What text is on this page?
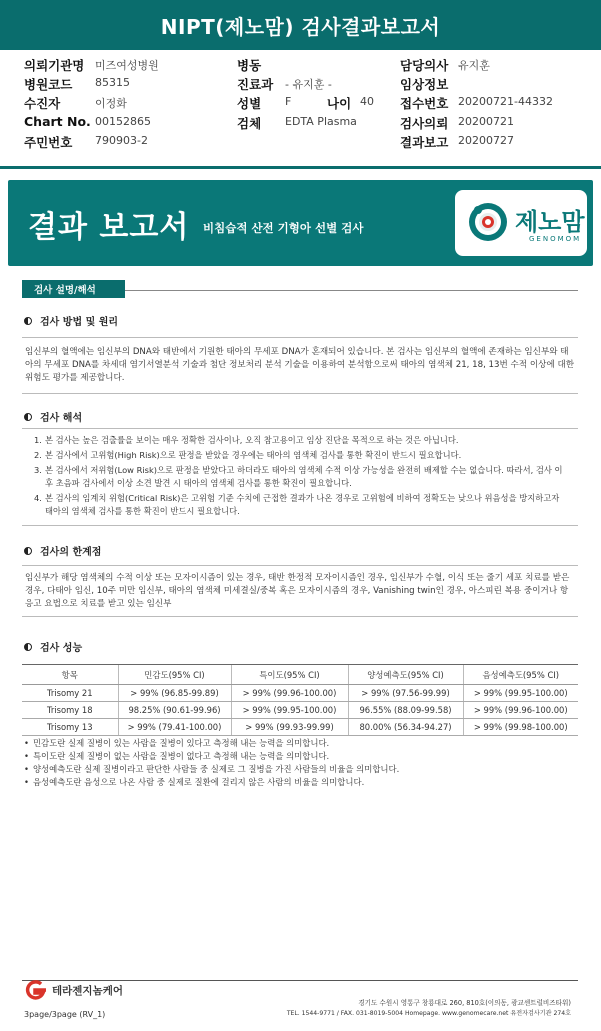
NIPT(제노맘) 검사결과보고서
의뢰기관명 미즈여성병원
병원코드 85315
수진자	이정화
Chart No. 00152865
주민번호 790903-2
병동
진료과 - 유지훈 -
성별 F	나이 40
검체 EDTA Plasma
담당의사 유지훈
임상정보
접수번호 20200721-44332
검사의뢰 20200721
결과보고 20200727
결과 보고서 비침습적 산전 기형아 선별 검사	제노맘
GENOMOM
검사 설명/해석
검사 방법 및 원리
임신부의 혈액에는 임신부의 DNA와 태반에서 기원한 태아의 무세포 DNA가 혼재되어 있습니다. 본 검사는 임신부의 혈액에 존재하는 임신부와 태아의 무세포 DNA를 차세대 염기서열분석 기술과 첨단 정보처리 분석 기술을 이용하여 분석함으로써 태아의 염색체 21, 18, 13번 수적 이상에 대한 위험도 평가를 제공합니다.
검사 해석
1. 본 검사는 높은 검출률을 보이는 매우 정확한 검사이나, 오직 참고용이고 임상 진단을 목적으로 하는 것은 아닙니다.
2. 본 검사에서 고위험(High Risk)으로 판정을 받았을 경우에는 태아의 염색체 검사를 통한 확진이 반드시 필요합니다.
3. 본 검사에서 저위험(Low Risk)으로 판정을 받았다고 하더라도 태아의 염색체 수적 이상 가능성을 완전히 배제할 수는 없습니다. 따라서, 검사 이후 초음파 검사에서 이상 소견 발견 시 태아의 염색체 검사를 통한 확진이 필요합니다.
4. 본 검사의 임계치 위험(Critical Risk)은 고위험 기준 수치에 근접한 결과가 나온 경우로 고위험에 비하여 정확도는 낮으나 위음성을 방지하고자 태아의 염색체 검사를 통한 확진이 반드시 필요합니다.
검사의 한계점
임신부가 해당 염색체의 수적 이상 또는 모자이시즘이 있는 경우, 태반 한정적 모자이시즘인 경우, 임신부가 수혈, 이식 또는 줄기 세포 치료를 받은 경우, 다태아 임신, 10주 미만 임신부, 태아의 염색체 미세결실/중복 혹은 모자이시즘의 경우, Vanishing twin인 경우, 아스피린 복용 중이거나 항 응고 요법으로 치료를 받고 있는 임신부
검사 성능
항목	민감도(95% CI)	특이도(95% CI)	양성예측도(95% CI)	음성예측도(95% CI)
Trisomy 21	> 99% (96.85-99.89)	> 99% (99.96-100.00)	> 99% (97.56-99.99)	> 99% (99.95-100.00)
Trisomy 18	98.25% (90.61-99.96)	> 99% (99.95-100.00)	96.55% (88.09-99.58)	> 99% (99.96-100.00)
Trisomy 13	> 99% (79.41-100.00)	> 99% (99.93-99.99)	80.00% (56.34-94.27)	> 99% (99.98-100.00)
• 민감도란 실제 질병이 있는 사람을 질병이 있다고 측정해 내는 능력을 의미합니다.
• 특이도란 실제 질병이 없는 사람을 질병이 없다고 측정해 내는 능력을 의미합니다.
• 양성예측도란 실제 질병이라고 판단한 사람들 중 실제로 그 질병을 가진 사람들의 비율을 의미합니다.
• 음성예측도란 음성으로 나온 사람 중 실제로 질환에 걸리지 않은 사람의 비율을 의미합니다.
테라젠지놈케어
경기도 수원시 영통구 창룡대로 260, 810호(이의동, 광교센트럴비즈타워)
TEL. 1544-9771 / FAX. 031-8019-5004 Homepage. www.genomecare.net 유전자검사기관 274호
3page/3page (RV_1)
